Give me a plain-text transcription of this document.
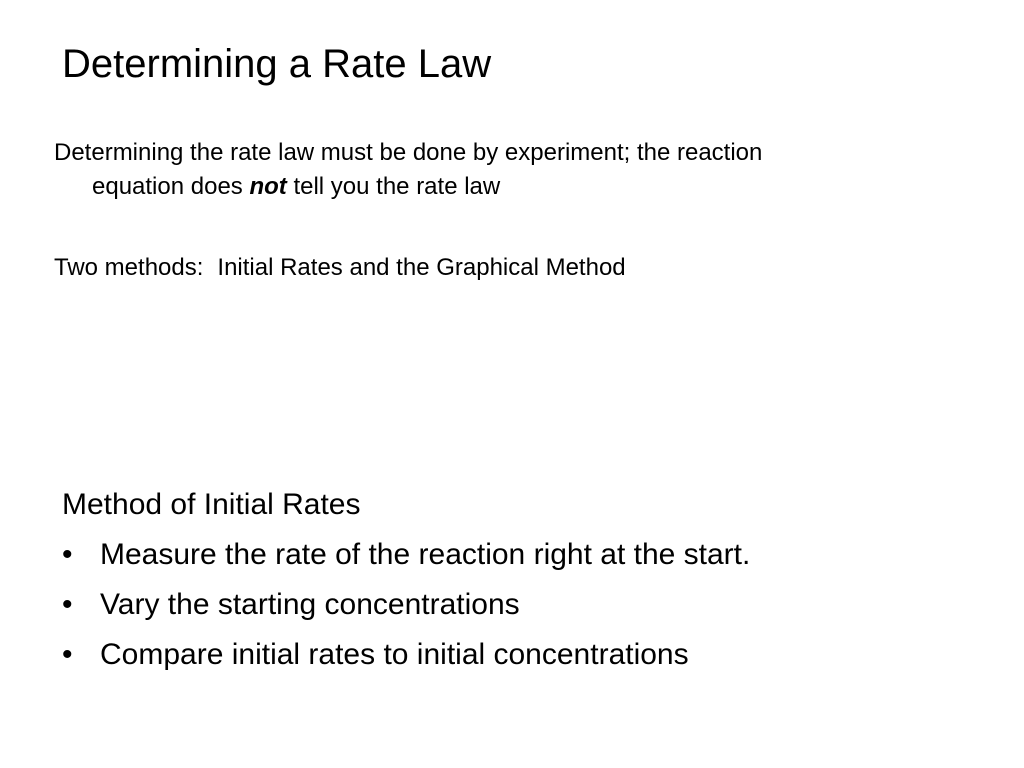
Determining a Rate Law
Determining the rate law must be done by experiment; the reaction
equation does not tell you the rate law
Two methods: Initial Rates and the Graphical Method
Method of Initial Rates
• Measure the rate of the reaction right at the start.
• Vary the starting concentrations
• Compare initial rates to initial concentrations
